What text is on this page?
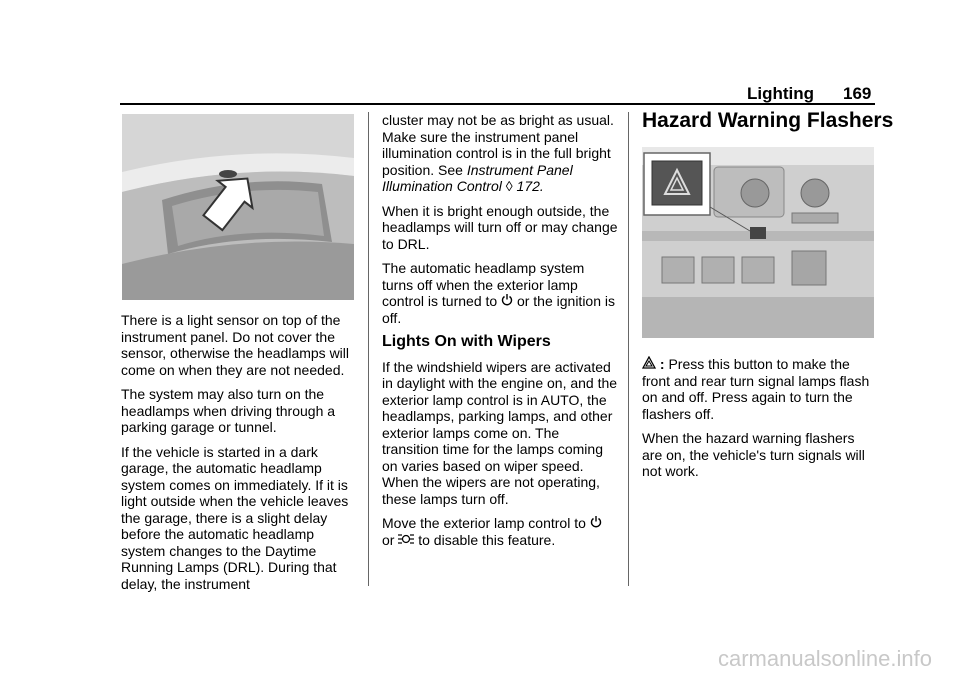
Lighting 169

There is a light sensor on top of the instrument panel. Do not cover the sensor, otherwise the headlamps will come on when they are not needed.

The system may also turn on the headlamps when driving through a parking garage or tunnel.

If the vehicle is started in a dark garage, the automatic headlamp system comes on immediately. If it is light outside when the vehicle leaves the garage, there is a slight delay before the automatic headlamp system changes to the Daytime Running Lamps (DRL). During that delay, the instrument

cluster may not be as bright as usual. Make sure the instrument panel illumination control is in the full bright position. See Instrument Panel Illumination Control ◊ 172.

When it is bright enough outside, the headlamps will turn off or may change to DRL.

The automatic headlamp system turns off when the exterior lamp control is turned to or the ignition is off.

Lights On with Wipers

If the windshield wipers are activated in daylight with the engine on, and the exterior lamp control is in AUTO, the headlamps, parking lamps, and other exterior lamps come on. The transition time for the lamps coming on varies based on wiper speed. When the wipers are not operating, these lamps turn off.

Move the exterior lamp control to
or to disable this feature.

Hazard Warning Flashers

: Press this button to make the front and rear turn signal lamps flash on and off. Press again to turn the flashers off.

When the hazard warning flashers are on, the vehicle's turn signals will not work.

carmanualsonline.info
